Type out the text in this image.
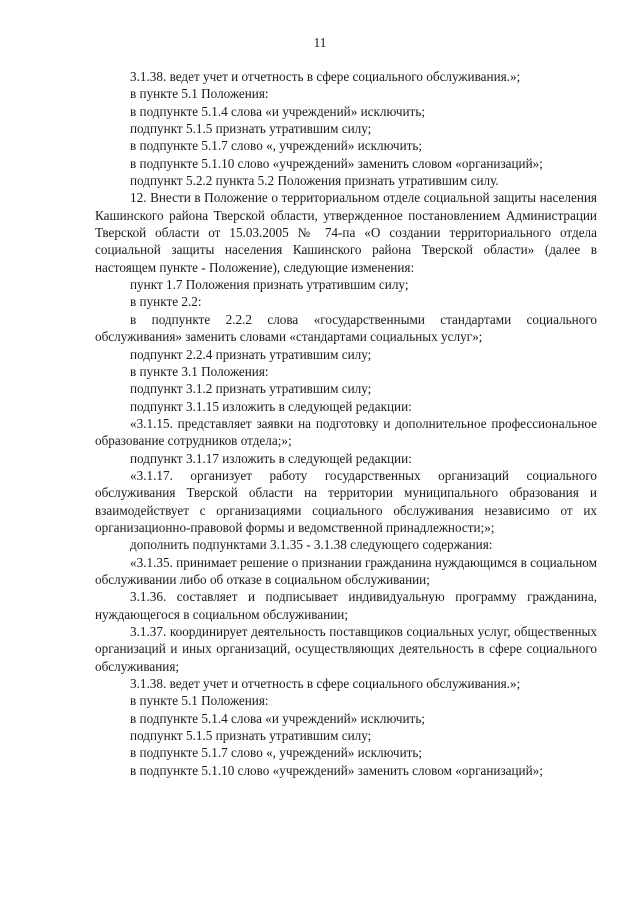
11

3.1.38. ведет учет и отчетность в сфере социального обслуживания.»;

в пункте 5.1 Положения:

в подпункте 5.1.4 слова «и учреждений» исключить;

подпункт 5.1.5 признать утратившим силу;

в подпункте 5.1.7 слово «, учреждений» исключить;

в подпункте 5.1.10 слово «учреждений» заменить словом «организаций»;

подпункт 5.2.2 пункта 5.2 Положения признать утратившим силу.

12. Внести в Положение о территориальном отделе социальной защиты населения Кашинского района Тверской области, утвержденное постановлением Администрации Тверской области от 15.03.2005 № 74-па «О создании территориального отдела социальной защиты населения Кашинского района Тверской области» (далее в настоящем пункте - Положение), следующие изменения:

пункт 1.7 Положения признать утратившим силу;

в пункте 2.2:

в подпункте 2.2.2 слова «государственными стандартами социального обслуживания» заменить словами «стандартами социальных услуг»;

подпункт 2.2.4 признать утратившим силу;

в пункте 3.1 Положения:

подпункт 3.1.2 признать утратившим силу;

подпункт 3.1.15 изложить в следующей редакции:

«3.1.15. представляет заявки на подготовку и дополнительное профессиональное образование сотрудников отдела;»;

подпункт 3.1.17 изложить в следующей редакции:

«3.1.17. организует работу государственных организаций социального обслуживания Тверской области на территории муниципального образования и взаимодействует с организациями социального обслуживания независимо от их организационно-правовой формы и ведомственной принадлежности;»;

дополнить подпунктами 3.1.35 - 3.1.38 следующего содержания:

«3.1.35. принимает решение о признании гражданина нуждающимся в социальном обслуживании либо об отказе в социальном обслуживании;

3.1.36. составляет и подписывает индивидуальную программу гражданина, нуждающегося в социальном обслуживании;

3.1.37. координирует деятельность поставщиков социальных услуг, общественных организаций и иных организаций, осуществляющих деятельность в сфере социального обслуживания;

3.1.38. ведет учет и отчетность в сфере социального обслуживания.»;

в пункте 5.1 Положения:

в подпункте 5.1.4 слова «и учреждений» исключить;

подпункт 5.1.5 признать утратившим силу;

в подпункте 5.1.7 слово «, учреждений» исключить;

в подпункте 5.1.10 слово «учреждений» заменить словом «организаций»;
